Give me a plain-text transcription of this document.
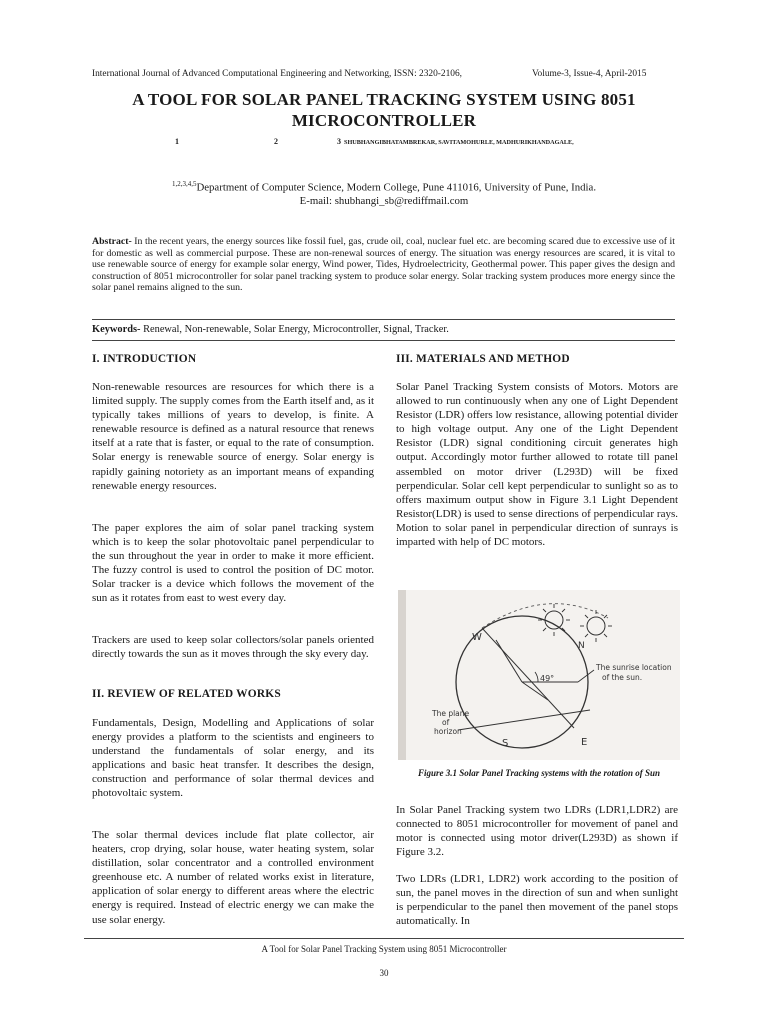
International Journal of Advanced Computational Engineering and Networking, ISSN: 2320-2106,	Volume-3, Issue-4, April-2015
A TOOL FOR SOLAR PANEL TRACKING SYSTEM USING 8051
MICROCONTROLLER
1	2	3 SHUBHANGIBHATAMBREKAR, SAVITAMOHURLE, MADHURIKHANDAGALE,
$^{1,2,3,4,5}$Department of Computer Science, Modern College, Pune 411016, University of Pune, India.
E-mail: shubhangi_sb@rediffmail.com
Abstract- In the recent years, the energy sources like fossil fuel, gas, crude oil, coal, nuclear fuel etc. are becoming scared due to excessive use of it for domestic as well as commercial purpose. These are non-renewal sources of energy. The situation was energy resources are scared, it is vital to use renewable source of energy for example solar energy, Wind power, Tides, Hydroelectricity, Geothermal power. This paper gives the design and construction of 8051 microcontroller for solar panel tracking system to produce solar energy. Solar tracking system produces more energy since the solar panel remains aligned to the sun.
Keywords- Renewal, Non-renewable, Solar Energy, Microcontroller, Signal, Tracker.
I. INTRODUCTION
Non-renewable resources are resources for which there is a limited supply. The supply comes from the Earth itself and, as it typically takes millions of years to develop, is finite. A renewable resource is defined as a natural resource that renews itself at a rate that is faster, or equal to the rate of consumption. Solar energy is renewable source of energy. Solar energy is rapidly gaining notoriety as an important means of expanding renewable energy resources.
The paper explores the aim of solar panel tracking system which is to keep the solar photovoltaic panel perpendicular to the sun throughout the year in order to make it more efficient. The fuzzy control is used to control the position of DC motor. Solar tracker is a device which follows the movement of the sun as it rotates from east to west every day.
Trackers are used to keep solar collectors/solar panels oriented directly towards the sun as it moves through the sky every day.
II. REVIEW OF RELATED WORKS
Fundamentals, Design, Modelling and Applications of solar energy provides a platform to the scientists and engineers to understand the fundamentals of solar energy, and its applications and basic heat transfer. It describes the design, construction and performance of solar thermal devices and photovoltaic system.
The solar thermal devices include flat plate collector, air heaters, crop drying, solar house, water heating system, solar distillation, solar concentrator and a controlled environment greenhouse etc. A number of related works exist in literature, application of solar energy to different areas where the electric energy is required. Instead of electric energy we can make the use solar energy.
III. MATERIALS AND METHOD
Solar Panel Tracking System consists of Motors. Motors are allowed to run continuously when any one of Light Dependent Resistor (LDR) offers low resistance, allowing potential divider to high voltage output. Any one of the Light Dependent Resistor (LDR) signal conditioning circuit generates high output. Accordingly motor further allowed to rotate till panel assembled on motor driver (L293D) will be fixed perpendicular. Solar cell kept perpendicular to sunlight so as to offers maximum output show in Figure 3.1 Light Dependent Resistor(LDR) is used to sense directions of perpendicular rays. Motion to solar panel in perpendicular direction of sunrays is imparted with help of DC motors.
W
N
S	E
49°
The sunrise location
of the sun.
The plane
of
horizon
Figure 3.1 Solar Panel Tracking systems with the rotation of Sun
In Solar Panel Tracking system two LDRs (LDR1,LDR2) are connected to 8051 microcontroller for movement of panel and motor is connected using motor driver(L293D) as shown if Figure 3.2.
Two LDRs (LDR1, LDR2) work according to the position of sun, the panel moves in the direction of sun and when sunlight is perpendicular to the panel then movement of the panel stops automatically. In
A Tool for Solar Panel Tracking System using 8051 Microcontroller
30
